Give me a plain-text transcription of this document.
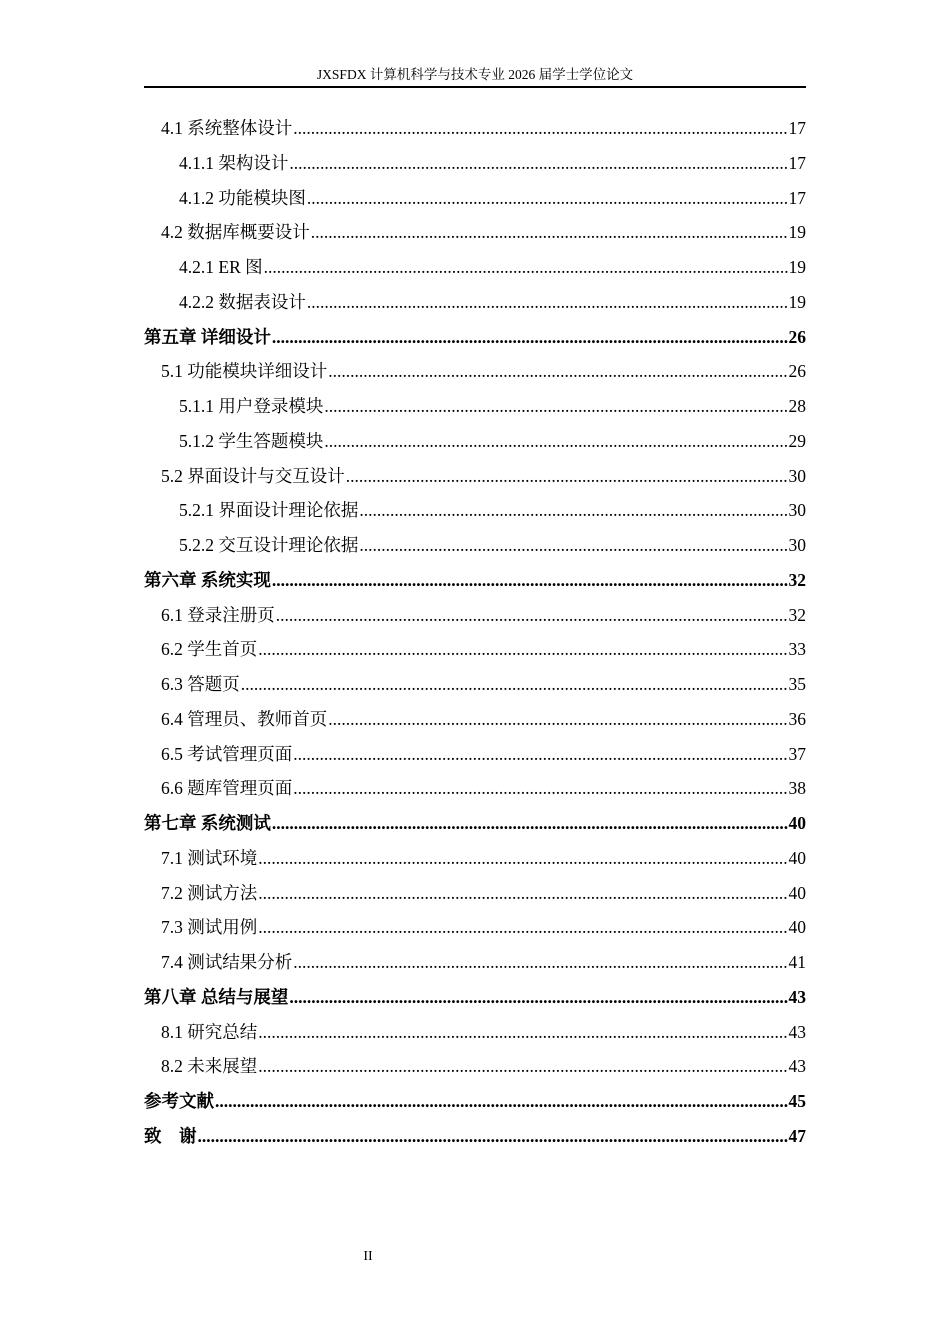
JXSFDX 计算机科学与技术专业 2026 届学士学位论文
4.1 系统整体设计 .....	17
4.1.1 架构设计 .....	17
4.1.2 功能模块图 .....	17
4.2 数据库概要设计 .....	19
4.2.1 ER 图 .....	19
4.2.2 数据表设计 .....	19
第五章 详细设计 .....	26
5.1 功能模块详细设计 .....	26
5.1.1 用户登录模块 .....	28
5.1.2 学生答题模块 .....	29
5.2 界面设计与交互设计 .....	30
5.2.1 界面设计理论依据 .....	30
5.2.2 交互设计理论依据 .....	30
第六章 系统实现 .....	32
6.1 登录注册页 .....	32
6.2 学生首页 .....	33
6.3 答题页 .....	35
6.4 管理员、教师首页 .....	36
6.5 考试管理页面 .....	37
6.6 题库管理页面 .....	38
第七章 系统测试 .....	40
7.1 测试环境 .....	40
7.2 测试方法 .....	40
7.3 测试用例 .....	40
7.4 测试结果分析 .....	41
第八章 总结与展望 .....	43
8.1 研究总结 .....	43
8.2 未来展望 .....	43
参考文献 .....	45
致　谢 .....	47
II
